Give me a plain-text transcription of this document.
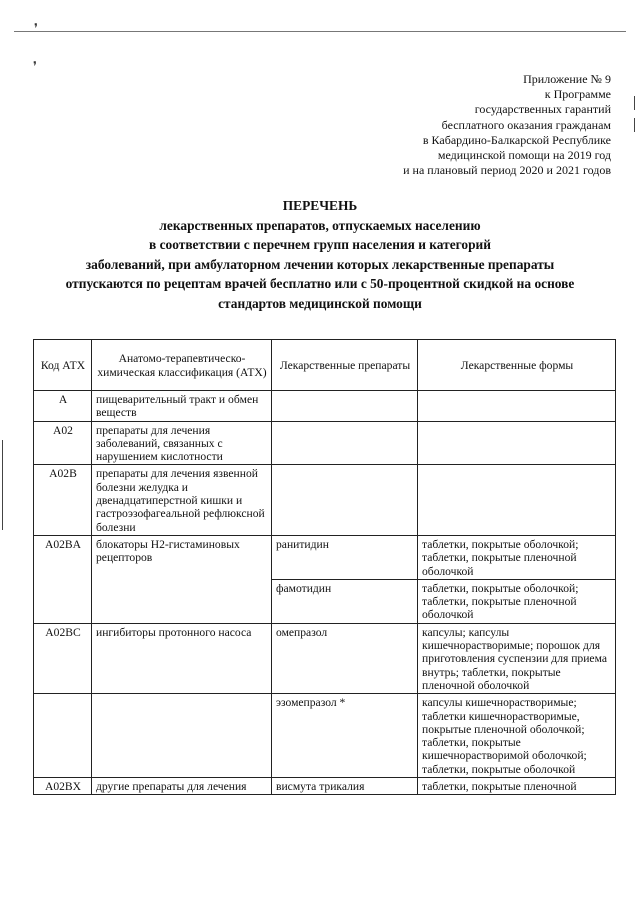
❜
❜
Приложение № 9
к Программе
государственных гарантий
бесплатного оказания гражданам
в Кабардино-Балкарской Республике
медицинской помощи на 2019 год
и на плановый период 2020 и 2021 годов
ПЕРЕЧЕНЬ
лекарственных препаратов, отпускаемых населению
в соответствии с перечнем групп населения и категорий
заболеваний, при амбулаторном лечении которых лекарственные препараты
отпускаются по рецептам врачей бесплатно или с 50-процентной скидкой на основе
стандартов медицинской помощи
Код АТХ	Анатомо-терапевтическо-химическая классификация (АТХ)	Лекарственные препараты	Лекарственные формы
A	пищеварительный тракт и обмен веществ		
A02	препараты для лечения заболеваний, связанных с нарушением кислотности		
A02B	препараты для лечения язвенной болезни желудка и двенадцатиперстной кишки и гастроэзофагеальной рефлюксной болезни		
A02BA	блокаторы H2-гистаминовых рецепторов	ранитидин	таблетки, покрытые оболочкой; таблетки, покрытые пленочной оболочкой
		фамотидин	таблетки, покрытые оболочкой; таблетки, покрытые пленочной оболочкой
A02BC	ингибиторы протонного насоса	омепразол	капсулы; капсулы кишечнорастворимые; порошок для приготовления суспензии для приема внутрь; таблетки, покрытые пленочной оболочкой
		эзомепразол *	капсулы кишечнорастворимые; таблетки кишечнорастворимые, покрытые пленочной оболочкой; таблетки, покрытые кишечнорастворимой оболочкой; таблетки, покрытые оболочкой
A02BX	другие препараты для лечения	висмута трикалия	таблетки, покрытые пленочной
